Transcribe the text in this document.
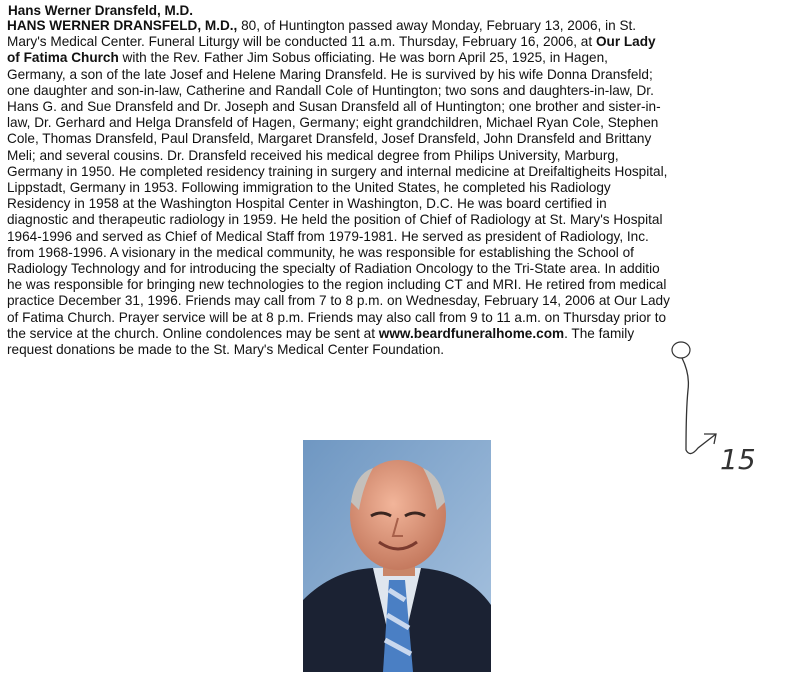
Hans Werner Dransfeld, M.D.
HANS WERNER DRANSFELD, M.D., 80, of Huntington passed away Monday, February 13, 2006, in St.
Mary's Medical Center. Funeral Liturgy will be conducted 11 a.m. Thursday, February 16, 2006, at Our Lady
of Fatima Church with the Rev. Father Jim Sobus officiating. He was born April 25, 1925, in Hagen,
Germany, a son of the late Josef and Helene Maring Dransfeld. He is survived by his wife Donna Dransfeld;
one daughter and son-in-law, Catherine and Randall Cole of Huntington; two sons and daughters-in-law, Dr.
Hans G. and Sue Dransfeld and Dr. Joseph and Susan Dransfeld all of Huntington; one brother and sister-in-
law, Dr. Gerhard and Helga Dransfeld of Hagen, Germany; eight grandchildren, Michael Ryan Cole, Stephen
Cole, Thomas Dransfeld, Paul Dransfeld, Margaret Dransfeld, Josef Dransfeld, John Dransfeld and Brittany
Meli; and several cousins. Dr. Dransfeld received his medical degree from Philips University, Marburg,
Germany in 1950. He completed residency training in surgery and internal medicine at Dreifaltigheits Hospital,
Lippstadt, Germany in 1953. Following immigration to the United States, he completed his Radiology
Residency in 1958 at the Washington Hospital Center in Washington, D.C. He was board certified in
diagnostic and therapeutic radiology in 1959. He held the position of Chief of Radiology at St. Mary's Hospital
1964-1996 and served as Chief of Medical Staff from 1979-1981. He served as president of Radiology, Inc.
from 1968-1996. A visionary in the medical community, he was responsible for establishing the School of
Radiology Technology and for introducing the specialty of Radiation Oncology to the Tri-State area. In additio
he was responsible for bringing new technologies to the region including CT and MRI. He retired from medical
practice December 31, 1996. Friends may call from 7 to 8 p.m. on Wednesday, February 14, 2006 at Our Lady
of Fatima Church. Prayer service will be at 8 p.m. Friends may also call from 9 to 11 a.m. on Thursday prior to
the service at the church. Online condolences may be sent at www.beardfuneralhome.com. The family
request donations be made to the St. Mary's Medical Center Foundation.
15
